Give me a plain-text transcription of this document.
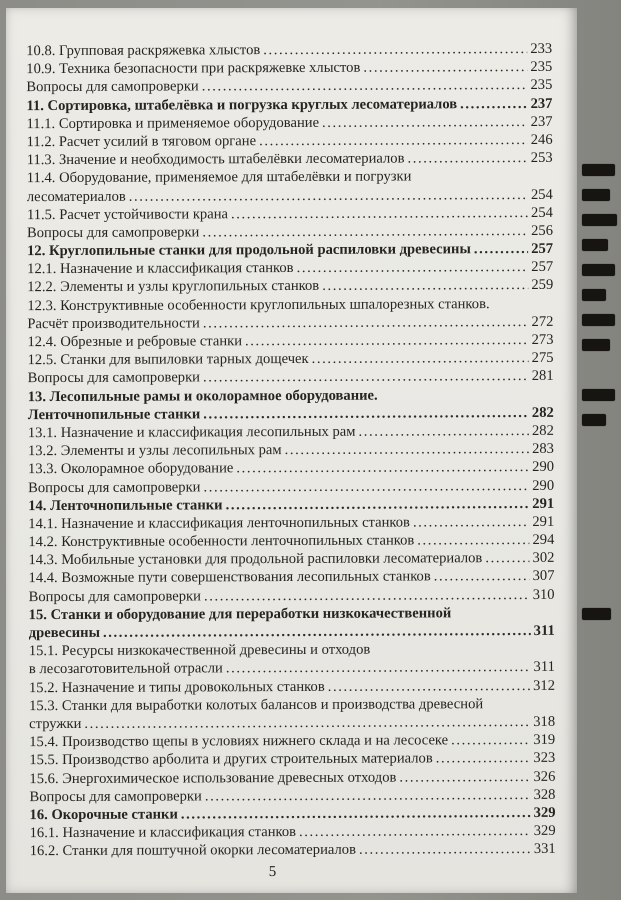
10.8. Групповая раскряжевка хлыстов .....	233
10.9. Техника безопасности при раскряжевке хлыстов .....	235
Вопросы для самопроверки .....	235
11. Сортировка, штабелёвка и погрузка круглых лесоматериалов .....	237
11.1. Сортировка и применяемое оборудование .....	237
11.2. Расчет усилий в тяговом органе .....	246
11.3. Значение и необходимость штабелёвки лесоматериалов .....	253
11.4. Оборудование, применяемое для штабелёвки и погрузки
лесоматериалов .....	254
11.5. Расчет устойчивости крана .....	254
Вопросы для самопроверки .....	256
12. Круглопильные станки для продольной распиловки древесины .....	257
12.1. Назначение и классификация станков .....	257
12.2. Элементы и узлы круглопильных станков .....	259
12.3. Конструктивные особенности круглопильных шпалорезных станков.
Расчёт производительности .....	272
12.4. Обрезные и ребровые станки .....	273
12.5. Станки для выпиловки тарных дощечек .....	275
Вопросы для самопроверки .....	281
13. Лесопильные рамы и околорамное оборудование.
Ленточнопильные станки .....	282
13.1. Назначение и классификация лесопильных рам .....	282
13.2. Элементы и узлы лесопильных рам .....	283
13.3. Околорамное оборудование .....	290
Вопросы для самопроверки .....	290
14. Ленточнопильные станки .....	291
14.1. Назначение и классификация ленточнопильных станков .....	291
14.2. Конструктивные особенности ленточнопильных станков .....	294
14.3. Мобильные установки для продольной распиловки лесоматериалов .....	302
14.4. Возможные пути совершенствования лесопильных станков .....	307
Вопросы для самопроверки .....	310
15. Станки и оборудование для переработки низкокачественной
древесины .....	311
15.1. Ресурсы низкокачественной древесины и отходов
в лесозаготовительной отрасли .....	311
15.2. Назначение и типы дровокольных станков .....	312
15.3. Станки для выработки колотых балансов и производства древесной
стружки .....	318
15.4. Производство щепы в условиях нижнего склада и на лесосеке .....	319
15.5. Производство арболита и других строительных материалов .....	323
15.6. Энергохимическое использование древесных отходов .....	326
Вопросы для самопроверки .....	328
16. Окорочные станки .....	329
16.1. Назначение и классификация станков .....	329
16.2. Станки для поштучной окорки лесоматериалов .....	331
5
